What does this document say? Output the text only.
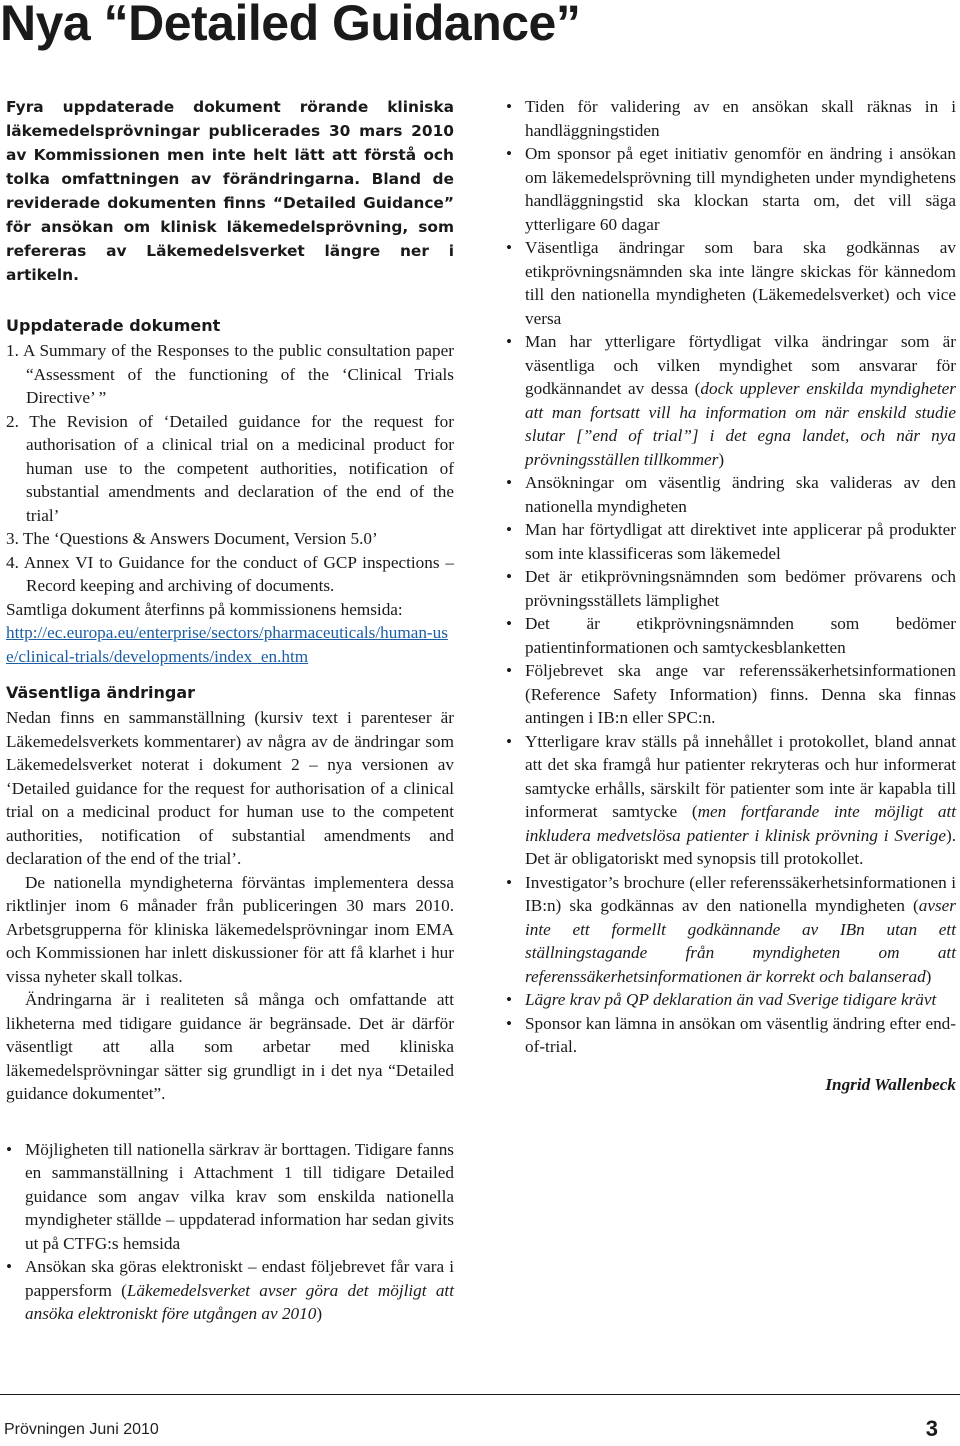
Nya “Detailed Guidance”

Fyra uppdaterade dokument rörande kliniska läkemedelsprövningar publicerades 30 mars 2010 av Kommissionen men inte helt lätt att förstå och tolka omfattningen av förändringarna. Bland de reviderade dokumenten finns “Detailed Guidance” för ansökan om klinisk läkemedelsprövning, som refereras av Läkemedelsverket längre ner i artikeln.

Uppdaterade dokument
1. A Summary of the Responses to the public consultation paper “Assessment of the functioning of the ‘Clinical Trials Directive’ ”
2. The Revision of ‘Detailed guidance for the request for authorisation of a clinical trial on a medicinal product for human use to the competent authorities, notification of substantial amendments and declaration of the end of the trial’
3. The ‘Questions & Answers Document, Version 5.0’
4. Annex VI to Guidance for the conduct of GCP inspections – Record keeping and archiving of documents.

Samtliga dokument återfinns på kommissionens hemsida:

http://ec.europa.eu/enterprise/sectors/pharmaceuticals/human-use/clinical-trials/developments/index_en.htm

Väsentliga ändringar

Nedan finns en sammanställning (kursiv text i parenteser är Läkemedelsverkets kommentarer) av några av de ändringar som Läkemedelsverket noterat i dokument 2 – nya versionen av ‘Detailed guidance for the request for authorisation of a clinical trial on a medicinal product for human use to the competent authorities, notification of substantial amendments and declaration of the end of the trial’.

De nationella myndigheterna förväntas implementera dessa riktlinjer inom 6 månader från publiceringen 30 mars 2010. Arbetsgrupperna för kliniska läkemedelsprövningar inom EMA och Kommissionen har inlett diskussioner för att få klarhet i hur vissa nyheter skall tolkas.

Ändringarna är i realiteten så många och omfattande att likheterna med tidigare guidance är begränsade. Det är därför väsentligt att alla som arbetar med kliniska läkemedelsprövningar sätter sig grundligt in i det nya “Detailed guidance dokumentet”.

• Möjligheten till nationella särkrav är borttagen. Tidigare fanns en sammanställning i Attachment 1 till tidigare Detailed guidance som angav vilka krav som enskilda nationella myndigheter ställde – uppdaterad information har sedan givits ut på CTFG:s hemsida
• Ansökan ska göras elektroniskt – endast följebrevet får vara i pappersform (Läkemedelsverket avser göra det möjligt att ansöka elektroniskt före utgången av 2010)
• Tiden för validering av en ansökan skall räknas in i handläggningstiden
• Om sponsor på eget initiativ genomför en ändring i ansökan om läkemedelsprövning till myndigheten under myndighetens handläggningstid ska klockan starta om, det vill säga ytterligare 60 dagar
• Väsentliga ändringar som bara ska godkännas av etikprövningsnämnden ska inte längre skickas för kännedom till den nationella myndigheten (Läkemedelsverket) och vice versa
• Man har ytterligare förtydligat vilka ändringar som är väsentliga och vilken myndighet som ansvarar för godkännandet av dessa (dock upplever enskilda myndigheter att man fortsatt vill ha information om när enskild studie slutar [”end of trial”] i det egna landet, och när nya prövningsställen tillkommer)
• Ansökningar om väsentlig ändring ska valideras av den nationella myndigheten
• Man har förtydligat att direktivet inte applicerar på produkter som inte klassificeras som läkemedel
• Det är etikprövningsnämnden som bedömer prövarens och prövningsställets lämplighet
• Det är etikprövningsnämnden som bedömer patientinformationen och samtyckesblanketten
• Följebrevet ska ange var referenssäkerhetsinformationen (Reference Safety Information) finns. Denna ska finnas antingen i IB:n eller SPC:n.
• Ytterligare krav ställs på innehållet i protokollet, bland annat att det ska framgå hur patienter rekryteras och hur informerat samtycke erhålls, särskilt för patienter som inte är kapabla till informerat samtycke (men fortfarande inte möjligt att inkludera medvetslösa patienter i klinisk prövning i Sverige). Det är obligatoriskt med synopsis till protokollet.
• Investigator’s brochure (eller referenssäkerhetsinformationen i IB:n) ska godkännas av den nationella myndigheten (avser inte ett formellt godkännande av IBn utan ett ställningstagande från myndigheten om att referenssäkerhetsinformationen är korrekt och balanserad)
• Lägre krav på QP deklaration än vad Sverige tidigare krävt
• Sponsor kan lämna in ansökan om väsentlig ändring efter end-of-trial.

Ingrid Wallenbeck

Prövningen Juni 2010	3
